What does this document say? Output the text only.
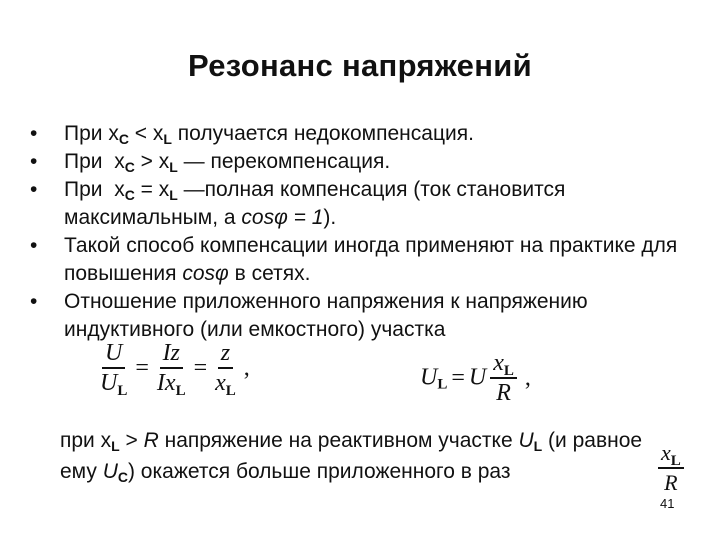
Резонанс напряжений
• При $x_C < x_L$ получается недокомпенсация.
• При  $x_C > x_L$ — перекомпенсация.
• При  $x_C = x_L$ —полная компенсация (ток становится максимальным, а cosφ = 1).
• Такой способ компенсации иногда применяют на практике для повышения cosφ в сетях.
• Отношение приложенного напряжения к напряжению индуктивного (или емкостного) участка
$\frac{U}{U_L} = \frac{Iz}{Ix_L} = \frac{z}{x_L}$ ,	$U_L = U \frac{x_L}{R}$ ,
при $x_L > R$ напряжение на реактивном участке $U_L$ (и равное ему $U_C$) окажется больше приложенного в раз	$\frac{x_L}{R}$
41
